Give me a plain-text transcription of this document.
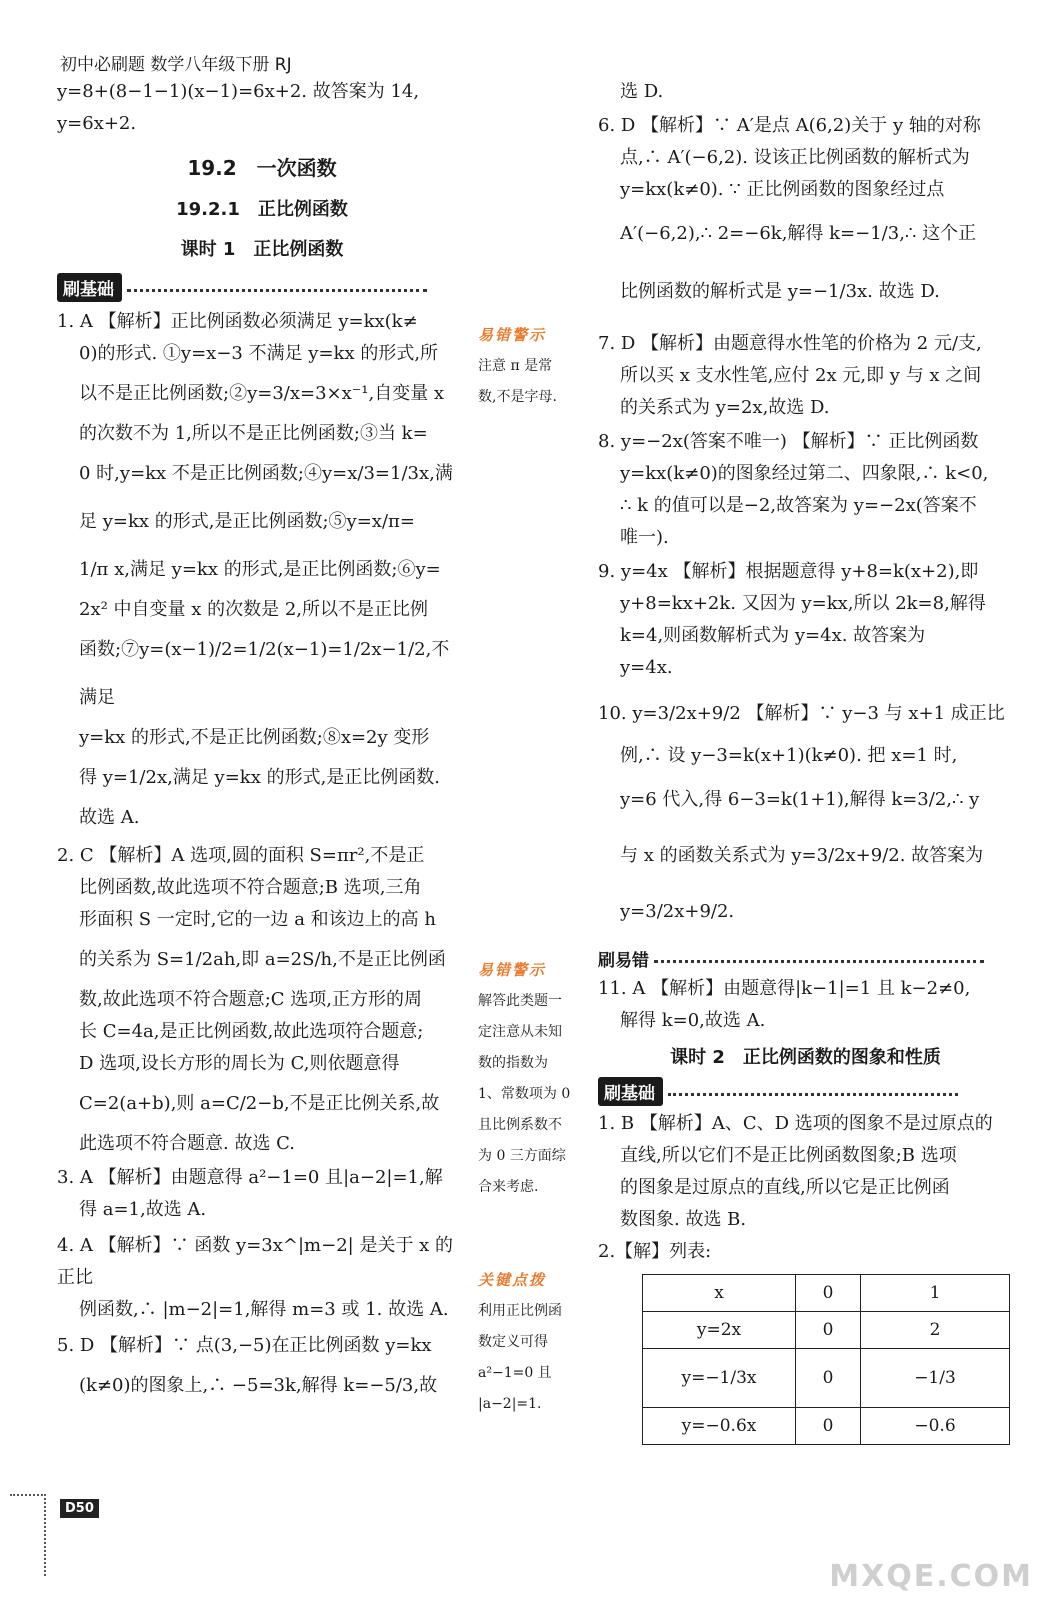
初中必刷题 数学八年级下册 RJ
y=8+(8−1−1)(x−1)=6x+2. 故答案为 14,
y=6x+2.
19.2　一次函数
19.2.1　正比例函数
课时 1　正比例函数
刷基础
1. A 【解析】正比例函数必须满足 y=kx(k≠
0)的形式. ①y=x−3 不满足 y=kx 的形式,所
以不是正比例函数;②y=3/x=3×x⁻¹,自变量 x
的次数不为 1,所以不是正比例函数;③当 k=
0 时,y=kx 不是正比例函数;④y=x/3=1/3x,满
足 y=kx 的形式,是正比例函数;⑤y=x/π=
1/π x,满足 y=kx 的形式,是正比例函数;⑥y=
2x² 中自变量 x 的次数是 2,所以不是正比例
函数;⑦y=(x−1)/2=1/2(x−1)=1/2x−1/2,不满足
y=kx 的形式,不是正比例函数;⑧x=2y 变形
得 y=1/2x,满足 y=kx 的形式,是正比例函数.
故选 A.
2. C 【解析】A 选项,圆的面积 S=πr²,不是正
比例函数,故此选项不符合题意;B 选项,三角
形面积 S 一定时,它的一边 a 和该边上的高 h
的关系为 S=1/2ah,即 a=2S/h,不是正比例函
数,故此选项不符合题意;C 选项,正方形的周
长 C=4a,是正比例函数,故此选项符合题意;
D 选项,设长方形的周长为 C,则依题意得
C=2(a+b),则 a=C/2−b,不是正比例关系,故
此选项不符合题意. 故选 C.
3. A 【解析】由题意得 a²−1=0 且|a−2|=1,解
得 a=1,故选 A.
4. A 【解析】∵ 函数 y=3x^|m−2| 是关于 x 的正比
例函数,∴ |m−2|=1,解得 m=3 或 1. 故选 A.
5. D 【解析】∵ 点(3,−5)在正比例函数 y=kx
(k≠0)的图象上,∴ −5=3k,解得 k=−5/3,故
易错警示
注意 π 是常
数,不是字母.
易错警示
解答此类题一
定注意从未知
数的指数为
1、常数项为 0
且比例系数不
为 0 三方面综
合来考虑.
关键点拨
利用正比例函
数定义可得
a²−1=0 且
|a−2|=1.
选 D.
6. D 【解析】∵ A′是点 A(6,2)关于 y 轴的对称
点,∴ A′(−6,2). 设该正比例函数的解析式为
y=kx(k≠0). ∵ 正比例函数的图象经过点
A′(−6,2),∴ 2=−6k,解得 k=−1/3,∴ 这个正
比例函数的解析式是 y=−1/3x. 故选 D.
7. D 【解析】由题意得水性笔的价格为 2 元/支,
所以买 x 支水性笔,应付 2x 元,即 y 与 x 之间
的关系式为 y=2x,故选 D.
8. y=−2x(答案不唯一) 【解析】∵ 正比例函数
y=kx(k≠0)的图象经过第二、四象限,∴ k<0,
∴ k 的值可以是−2,故答案为 y=−2x(答案不
唯一).
9. y=4x 【解析】根据题意得 y+8=k(x+2),即
y+8=kx+2k. 又因为 y=kx,所以 2k=8,解得
k=4,则函数解析式为 y=4x. 故答案为
y=4x.
10. y=3/2x+9/2 【解析】∵ y−3 与 x+1 成正比
例,∴ 设 y−3=k(x+1)(k≠0). 把 x=1 时,
y=6 代入,得 6−3=k(1+1),解得 k=3/2,∴ y
与 x 的函数关系式为 y=3/2x+9/2. 故答案为
y=3/2x+9/2.
刷易错
11. A 【解析】由题意得|k−1|=1 且 k−2≠0,
解得 k=0,故选 A.
课时 2　正比例函数的图象和性质
刷基础
1. B 【解析】A、C、D 选项的图象不是过原点的
直线,所以它们不是正比例函数图象;B 选项
的图象是过原点的直线,所以它是正比例函
数图象. 故选 B.
2.【解】列表:
x	0	1
y=2x	0	2
y=−1/3x	0	−1/3
y=−0.6x	0	−0.6
D50
MXQE.COM
